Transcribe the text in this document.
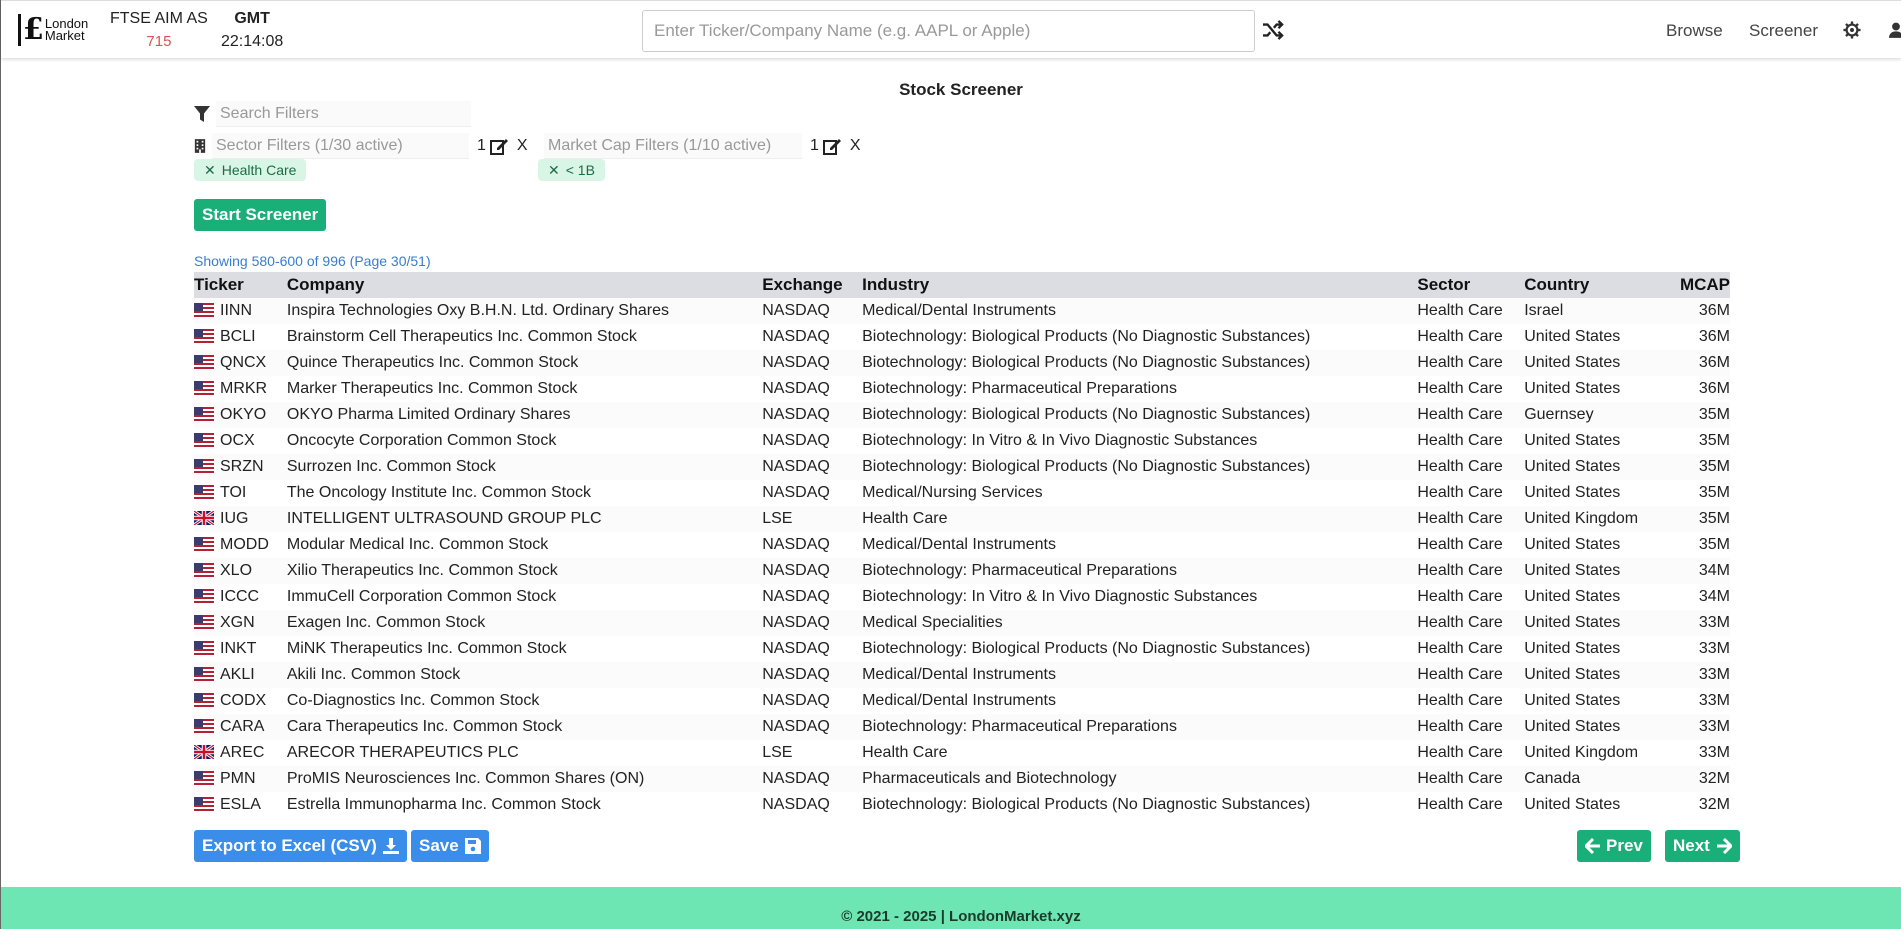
£ London
Market
FTSE AIM AS
715
GMT
22:14:08
Enter Ticker/Company Name (e.g. AAPL or Apple)
Browse Screener
Stock Screener
Search Filters
Sector Filters (1/30 active)
1 X
Market Cap Filters (1/10 active)	1 X
✕ Health Care	✕ < 1B
Start Screener
Showing 580-600 of 996 (Page 30/51)
Ticker	Company	Exchange	Industry	Sector	Country	MCAP
IINN	Inspira Technologies Oxy B.H.N. Ltd. Ordinary Shares	NASDAQ	Medical/Dental Instruments	Health Care	Israel	36M
BCLI	Brainstorm Cell Therapeutics Inc. Common Stock	NASDAQ	Biotechnology: Biological Products (No Diagnostic Substances)	Health Care	United States	36M
QNCX	Quince Therapeutics Inc. Common Stock	NASDAQ	Biotechnology: Biological Products (No Diagnostic Substances)	Health Care	United States	36M
MRKR	Marker Therapeutics Inc. Common Stock	NASDAQ	Biotechnology: Pharmaceutical Preparations	Health Care	United States	36M
OKYO	OKYO Pharma Limited Ordinary Shares	NASDAQ	Biotechnology: Biological Products (No Diagnostic Substances)	Health Care	Guernsey	35M
OCX	Oncocyte Corporation Common Stock	NASDAQ	Biotechnology: In Vitro & In Vivo Diagnostic Substances	Health Care	United States	35M
SRZN	Surrozen Inc. Common Stock	NASDAQ	Biotechnology: Biological Products (No Diagnostic Substances)	Health Care	United States	35M
TOI	The Oncology Institute Inc. Common Stock	NASDAQ	Medical/Nursing Services	Health Care	United States	35M
IUG	INTELLIGENT ULTRASOUND GROUP PLC	LSE	Health Care	Health Care	United Kingdom	35M
MODD	Modular Medical Inc. Common Stock	NASDAQ	Medical/Dental Instruments	Health Care	United States	35M
XLO	Xilio Therapeutics Inc. Common Stock	NASDAQ	Biotechnology: Pharmaceutical Preparations	Health Care	United States	34M
ICCC	ImmuCell Corporation Common Stock	NASDAQ	Biotechnology: In Vitro & In Vivo Diagnostic Substances	Health Care	United States	34M
XGN	Exagen Inc. Common Stock	NASDAQ	Medical Specialities	Health Care	United States	33M
INKT	MiNK Therapeutics Inc. Common Stock	NASDAQ	Biotechnology: Biological Products (No Diagnostic Substances)	Health Care	United States	33M
AKLI	Akili Inc. Common Stock	NASDAQ	Medical/Dental Instruments	Health Care	United States	33M
CODX	Co-Diagnostics Inc. Common Stock	NASDAQ	Medical/Dental Instruments	Health Care	United States	33M
CARA	Cara Therapeutics Inc. Common Stock	NASDAQ	Biotechnology: Pharmaceutical Preparations	Health Care	United States	33M
AREC	ARECOR THERAPEUTICS PLC	LSE	Health Care	Health Care	United Kingdom	33M
PMN	ProMIS Neurosciences Inc. Common Shares (ON)	NASDAQ	Pharmaceuticals and Biotechnology	Health Care	Canada	32M
ESLA	Estrella Immunopharma Inc. Common Stock	NASDAQ	Biotechnology: Biological Products (No Diagnostic Substances)	Health Care	United States	32M
Export to Excel (CSV) Save	Prev Next
© 2021 - 2025 | LondonMarket.xyz
